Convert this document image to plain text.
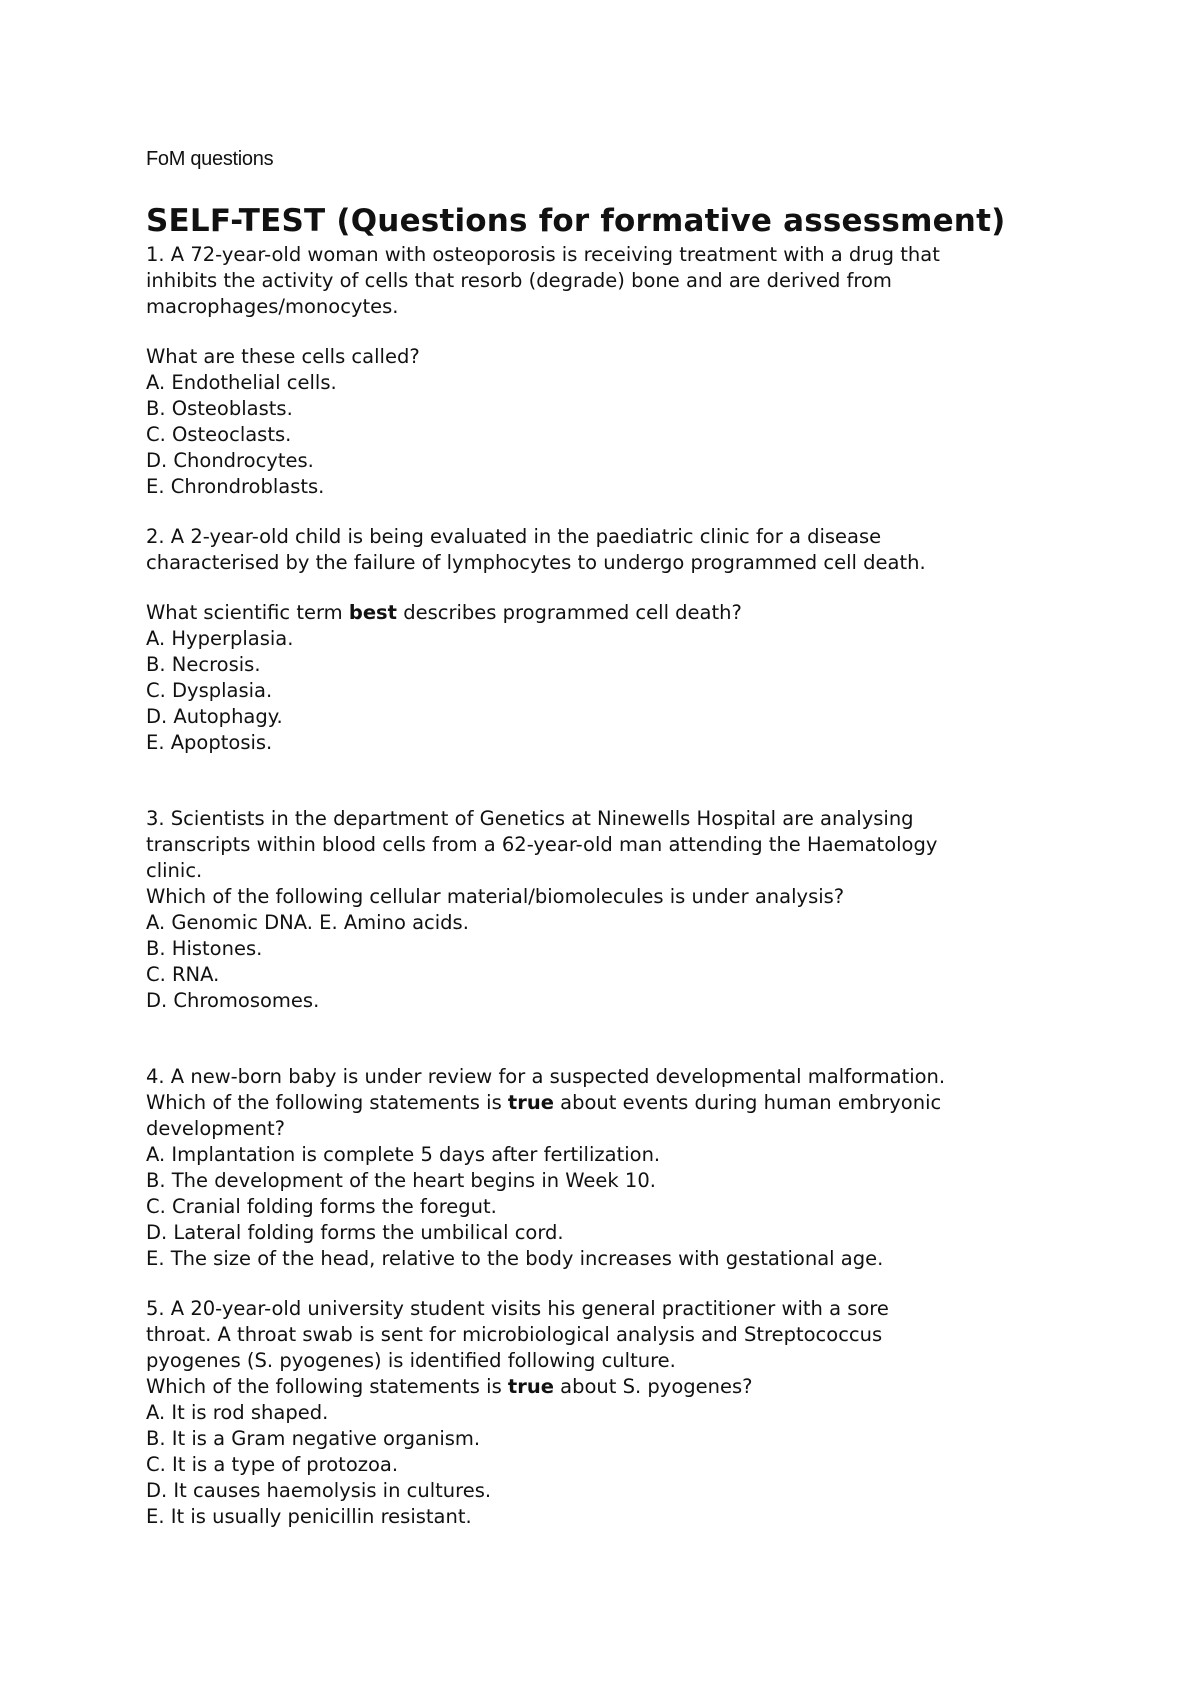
FoM questions
SELF-TEST (Questions for formative assessment)
1. A 72-year-old woman with osteoporosis is receiving treatment with a drug that
inhibits the activity of cells that resorb (degrade) bone and are derived from
macrophages/monocytes.
What are these cells called?
A. Endothelial cells.
B. Osteoblasts.
C. Osteoclasts.
D. Chondrocytes.
E. Chrondroblasts.
2. A 2-year-old child is being evaluated in the paediatric clinic for a disease
characterised by the failure of lymphocytes to undergo programmed cell death.
What scientific term best describes programmed cell death?
A. Hyperplasia.
B. Necrosis.
C. Dysplasia.
D. Autophagy.
E. Apoptosis.
3. Scientists in the department of Genetics at Ninewells Hospital are analysing
transcripts within blood cells from a 62-year-old man attending the Haematology
clinic.
Which of the following cellular material/biomolecules is under analysis?
A. Genomic DNA. E. Amino acids.
B. Histones.
C. RNA.
D. Chromosomes.
4. A new-born baby is under review for a suspected developmental malformation.
Which of the following statements is true about events during human embryonic
development?
A. Implantation is complete 5 days after fertilization.
B. The development of the heart begins in Week 10.
C. Cranial folding forms the foregut.
D. Lateral folding forms the umbilical cord.
E. The size of the head, relative to the body increases with gestational age.
5. A 20-year-old university student visits his general practitioner with a sore
throat. A throat swab is sent for microbiological analysis and Streptococcus
pyogenes (S. pyogenes) is identified following culture.
Which of the following statements is true about S. pyogenes?
A. It is rod shaped.
B. It is a Gram negative organism.
C. It is a type of protozoa.
D. It causes haemolysis in cultures.
E. It is usually penicillin resistant.
